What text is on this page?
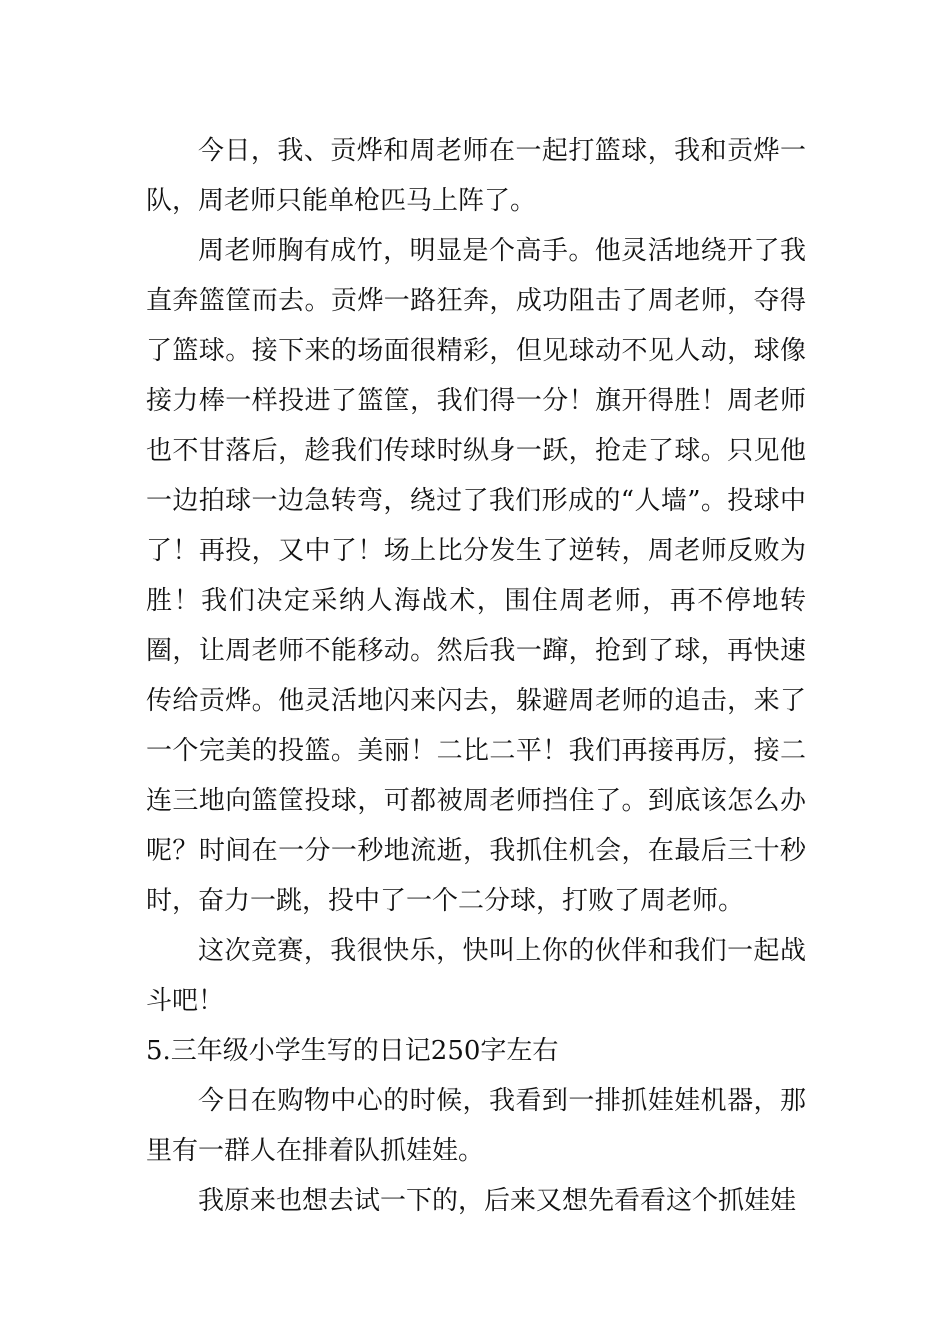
今日，我、贡烨和周老师在一起打篮球，我和贡烨一队，周老师只能单枪匹马上阵了。

周老师胸有成竹，明显是个高手。他灵活地绕开了我直奔篮筐而去。贡烨一路狂奔，成功阻击了周老师，夺得了篮球。接下来的场面很精彩，但见球动不见人动，球像接力棒一样投进了篮筐，我们得一分！旗开得胜！周老师也不甘落后，趁我们传球时纵身一跃，抢走了球。只见他一边拍球一边急转弯，绕过了我们形成的“人墙”。投球中了！再投，又中了！场上比分发生了逆转，周老师反败为胜！我们决定采纳人海战术，围住周老师，再不停地转圈，让周老师不能移动。然后我一蹿，抢到了球，再快速传给贡烨。他灵活地闪来闪去，躲避周老师的追击，来了一个完美的投篮。美丽！二比二平！我们再接再厉，接二连三地向篮筐投球，可都被周老师挡住了。到底该怎么办呢？时间在一分一秒地流逝，我抓住机会，在最后三十秒时，奋力一跳，投中了一个二分球，打败了周老师。

这次竞赛，我很快乐，快叫上你的伙伴和我们一起战斗吧！

5.三年级小学生写的日记250字左右

今日在购物中心的时候，我看到一排抓娃娃机器，那里有一群人在排着队抓娃娃。

我原来也想去试一下的，后来又想先看看这个抓娃娃
